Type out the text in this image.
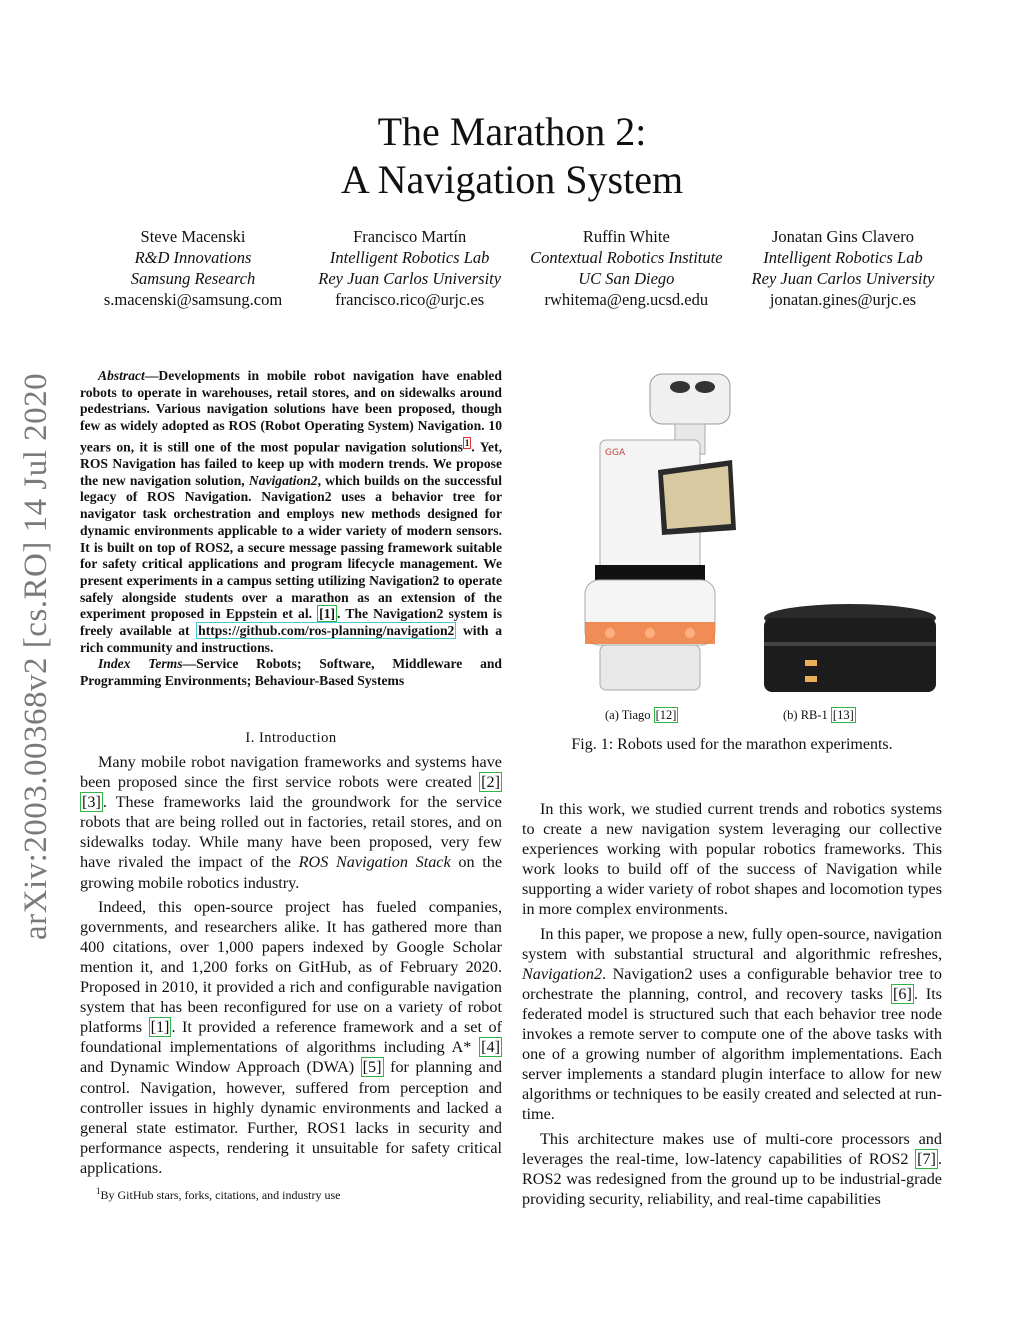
arXiv:2003.00368v2 [cs.RO] 14 Jul 2020
The Marathon 2:
A Navigation System
Steve Macenski
R&D Innovations
Samsung Research
s.macenski@samsung.com
Francisco Martín
Intelligent Robotics Lab
Rey Juan Carlos University
francisco.rico@urjc.es
Ruffin White
Contextual Robotics Institute
UC San Diego
rwhitema@eng.ucsd.edu
Jonatan Gins Clavero
Intelligent Robotics Lab
Rey Juan Carlos University
jonatan.gines@urjc.es
Abstract—Developments in mobile robot navigation have enabled robots to operate in warehouses, retail stores, and on sidewalks around pedestrians. Various navigation solutions have been proposed, though few as widely adopted as ROS (Robot Operating System) Navigation. 10 years on, it is still one of the most popular navigation solutions $^1$ . Yet, ROS Navigation has failed to keep up with modern trends. We propose the new navigation solution, Navigation2, which builds on the successful legacy of ROS Navigation. Navigation2 uses a behavior tree for navigator task orchestration and employs new methods designed for dynamic environments applicable to a wider variety of modern sensors. It is built on top of ROS2, a secure message passing framework suitable for safety critical applications and program lifecycle management. We present experiments in a campus setting utilizing Navigation2 to operate safely alongside students over a marathon as an extension of the experiment proposed in Eppstein et al. [1] . The Navigation2 system is freely available at https://github.com/ros-planning/navigation2 with a rich community and instructions.
Index Terms—Service Robots; Software, Middleware and Programming Environments; Behaviour-Based Systems
I. Introduction

Many mobile robot navigation frameworks and systems have been proposed since the first service robots were created [2] [3] . These frameworks laid the groundwork for the service robots that are being rolled out in factories, retail stores, and on sidewalks today. While many have been proposed, very few have rivaled the impact of the ROS Navigation Stack on the growing mobile robotics industry.

Indeed, this open-source project has fueled companies, governments, and researchers alike. It has gathered more than 400 citations, over 1,000 papers indexed by Google Scholar mention it, and 1,200 forks on GitHub, as of February 2020. Proposed in 2010, it provided a rich and configurable navigation system that has been reconfigured for use on a variety of robot platforms [1] . It provided a reference framework and a set of foundational implementations of algorithms including A* [4] and Dynamic Window Approach (DWA) [5] for planning and control. Navigation, however, suffered from perception and controller issues in highly dynamic environments and lacked a general state estimator. Further, ROS1 lacks in security and performance aspects, rendering it unsuitable for safety critical applications.

$^1$By GitHub stars, forks, citations, and industry use
GGA
(a) Tiago [12]	(b) RB-1 [13]
Fig. 1: Robots used for the marathon experiments.

In this work, we studied current trends and robotics systems to create a new navigation system leveraging our collective experiences working with popular robotics frameworks. This work looks to build off of the success of Navigation while supporting a wider variety of robot shapes and locomotion types in more complex environments.

In this paper, we propose a new, fully open-source, navigation system with substantial structural and algorithmic refreshes, Navigation2. Navigation2 uses a configurable behavior tree to orchestrate the planning, control, and recovery tasks [6] . Its federated model is structured such that each behavior tree node invokes a remote server to compute one of the above tasks with one of a growing number of algorithm implementations. Each server implements a standard plugin interface to allow for new algorithms or techniques to be easily created and selected at run-time.

This architecture makes use of multi-core processors and leverages the real-time, low-latency capabilities of ROS2 [7] . ROS2 was redesigned from the ground up to be industrial-grade providing security, reliability, and real-time capabilities
